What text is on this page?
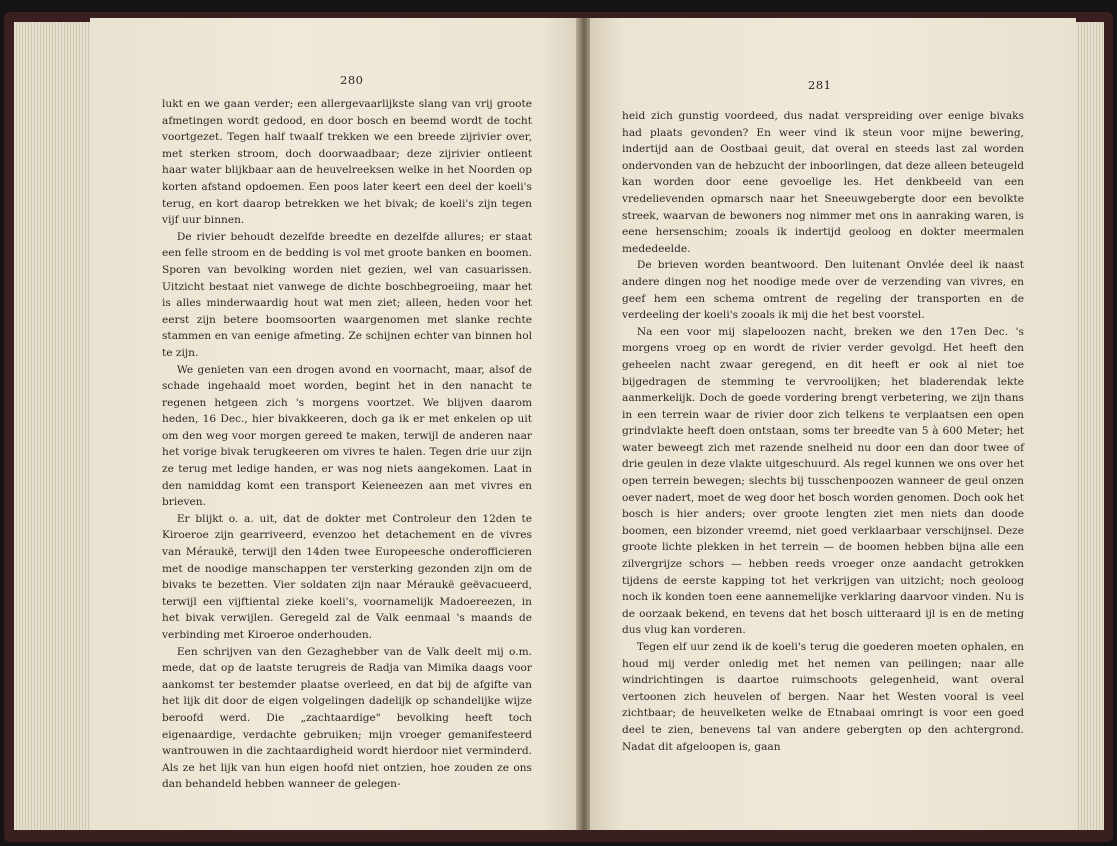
280

lukt en we gaan verder; een allergevaarlijkste slang van vrij groote afmetingen wordt gedood, en door bosch en beemd wordt de tocht voortgezet. Tegen half twaalf trekken we een breede zijrivier over, met sterken stroom, doch doorwaadbaar; deze zijrivier ontleent haar water blijkbaar aan de heuvelreeksen welke in het Noorden op korten afstand opdoemen. Een poos later keert een deel der koeli's terug, en kort daarop betrekken we het bivak; de koeli's zijn tegen vijf uur binnen.

De rivier behoudt dezelfde breedte en dezelfde allures; er staat een felle stroom en de bedding is vol met groote banken en boomen. Sporen van bevolking worden niet gezien, wel van casuarissen. Uitzicht bestaat niet vanwege de dichte boschbegroeiing, maar het is alles minderwaardig hout wat men ziet; alleen, heden voor het eerst zijn betere boomsoorten waargenomen met slanke rechte stammen en van eenige afmeting. Ze schijnen echter van binnen hol te zijn.

We genieten van een drogen avond en voornacht, maar, alsof de schade ingehaald moet worden, begint het in den nanacht te regenen hetgeen zich 's morgens voortzet. We blijven daarom heden, 16 Dec., hier bivakkeeren, doch ga ik er met enkelen op uit om den weg voor morgen gereed te maken, terwijl de anderen naar het vorige bivak terugkeeren om vivres te halen. Tegen drie uur zijn ze terug met ledige handen, er was nog niets aangekomen. Laat in den namiddag komt een transport Keieneezen aan met vivres en brieven.

Er blijkt o. a. uit, dat de dokter met Controleur den 12den te Kiroeroe zijn gearriveerd, evenzoo het detachement en de vivres van Méraukë, terwijl den 14den twee Europeesche onderofficieren met de noodige manschappen ter versterking gezonden zijn om de bivaks te bezetten. Vier soldaten zijn naar Méraukë geëvacueerd, terwijl een vijftiental zieke koeli's, voornamelijk Madoereezen, in het bivak verwijlen. Geregeld zal de Valk eenmaal 's maands de verbinding met Kiroeroe onderhouden.

Een schrijven van den Gezaghebber van de Valk deelt mij o.m. mede, dat op de laatste terugreis de Radja van Mimika daags voor aankomst ter bestemder plaatse overleed, en dat bij de afgifte van het lijk dit door de eigen volgelingen dadelijk op schandelijke wijze beroofd werd. Die „zachtaardige" bevolking heeft toch eigenaardige, verdachte gebruiken; mijn vroeger gemanifesteerd wantrouwen in die zachtaardigheid wordt hierdoor niet verminderd. Als ze het lijk van hun eigen hoofd niet ontzien, hoe zouden ze ons dan behandeld hebben wanneer de gelegen-

281

heid zich gunstig voordeed, dus nadat verspreiding over eenige bivaks had plaats gevonden? En weer vind ik steun voor mijne bewering, indertijd aan de Oostbaai geuit, dat overal en steeds last zal worden ondervonden van de hebzucht der inboorlingen, dat deze alleen beteugeld kan worden door eene gevoelige les. Het denkbeeld van een vredelievenden opmarsch naar het Sneeuwgebergte door een bevolkte streek, waarvan de bewoners nog nimmer met ons in aanraking waren, is eene hersenschim; zooals ik indertijd geoloog en dokter meermalen mededeelde.

De brieven worden beantwoord. Den luitenant Onvlée deel ik naast andere dingen nog het noodige mede over de verzending van vivres, en geef hem een schema omtrent de regeling der transporten en de verdeeling der koeli's zooals ik mij die het best voorstel.

Na een voor mij slapeloozen nacht, breken we den 17en Dec. 's morgens vroeg op en wordt de rivier verder gevolgd. Het heeft den geheelen nacht zwaar geregend, en dit heeft er ook al niet toe bijgedragen de stemming te vervroolijken; het bladerendak lekte aanmerkelijk. Doch de goede vordering brengt verbetering, we zijn thans in een terrein waar de rivier door zich telkens te verplaatsen een open grindvlakte heeft doen ontstaan, soms ter breedte van 5 à 600 Meter; het water beweegt zich met razende snelheid nu door een dan door twee of drie geulen in deze vlakte uitgeschuurd. Als regel kunnen we ons over het open terrein bewegen; slechts bij tusschenpoozen wanneer de geul onzen oever nadert, moet de weg door het bosch worden genomen. Doch ook het bosch is hier anders; over groote lengten ziet men niets dan doode boomen, een bizonder vreemd, niet goed verklaarbaar verschijnsel. Deze groote lichte plekken in het terrein — de boomen hebben bijna alle een zilvergrijze schors — hebben reeds vroeger onze aandacht getrokken tijdens de eerste kapping tot het verkrijgen van uitzicht; noch geoloog noch ik konden toen eene aannemelijke verklaring daarvoor vinden. Nu is de oorzaak bekend, en tevens dat het bosch uitteraard ijl is en de meting dus vlug kan vorderen.

Tegen elf uur zend ik de koeli's terug die goederen moeten ophalen, en houd mij verder onledig met het nemen van peilingen; naar alle windrichtingen is daartoe ruimschoots gelegenheid, want overal vertoonen zich heuvelen of bergen. Naar het Westen vooral is veel zichtbaar; de heuvelketen welke de Etnabaai omringt is voor een goed deel te zien, benevens tal van andere gebergten op den achtergrond. Nadat dit afgeloopen is, gaan
